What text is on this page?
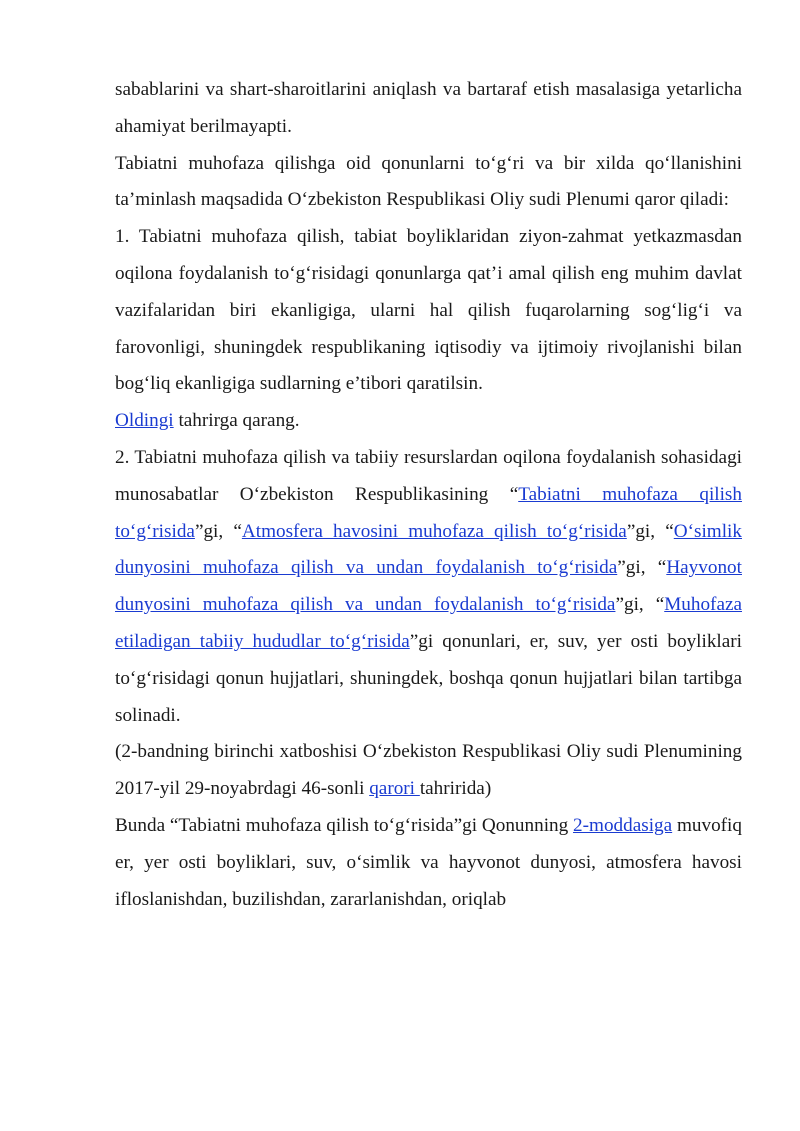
sabablarini va shart-sharoitlarini aniqlash va bartaraf etish masalasiga yetarlicha ahamiyat berilmayapti.

Tabiatni muhofaza qilishga oid qonunlarni to‘g‘ri va bir xilda qo‘llanishini ta’minlash maqsadida O‘zbekiston Respublikasi Oliy sudi Plenumi qaror qiladi:

1. Tabiatni muhofaza qilish, tabiat boyliklaridan ziyon-zahmat yetkazmasdan oqilona foydalanish to‘g‘risidagi qonunlarga qat’i amal qilish eng muhim davlat vazifalaridan biri ekanligiga, ularni hal qilish fuqarolarning sog‘lig‘i va farovonligi, shuningdek respublikaning iqtisodiy va ijtimoiy rivojlanishi bilan bog‘liq ekanligiga sudlarning e’tibori qaratilsin.

Oldingi tahrirga qarang.

2. Tabiatni muhofaza qilish va tabiiy resurslardan oqilona foydalanish sohasidagi munosabatlar O‘zbekiston Respublikasining “Tabiatni muhofaza qilish to‘g‘risida”gi, “Atmosfera havosini muhofaza qilish to‘g‘risida”gi, “O‘simlik dunyosini muhofaza qilish va undan foydalanish to‘g‘risida”gi, “Hayvonot dunyosini muhofaza qilish va undan foydalanish to‘g‘risida”gi, “Muhofaza etiladigan tabiiy hududlar to‘g‘risida”gi qonunlari, er, suv, yer osti boyliklari to‘g‘risidagi qonun hujjatlari, shuningdek, boshqa qonun hujjatlari bilan tartibga solinadi.

(2-bandning birinchi xatboshisi O‘zbekiston Respublikasi Oliy sudi Plenumining 2017-yil 29-noyabrdagi 46-sonli qarori tahririda)

Bunda “Tabiatni muhofaza qilish to‘g‘risida”gi Qonunning 2-moddasiga muvofiq er, yer osti boyliklari, suv, o‘simlik va hayvonot dunyosi, atmosfera havosi ifloslanishdan, buzilishdan, zararlanishdan, oriqlab
